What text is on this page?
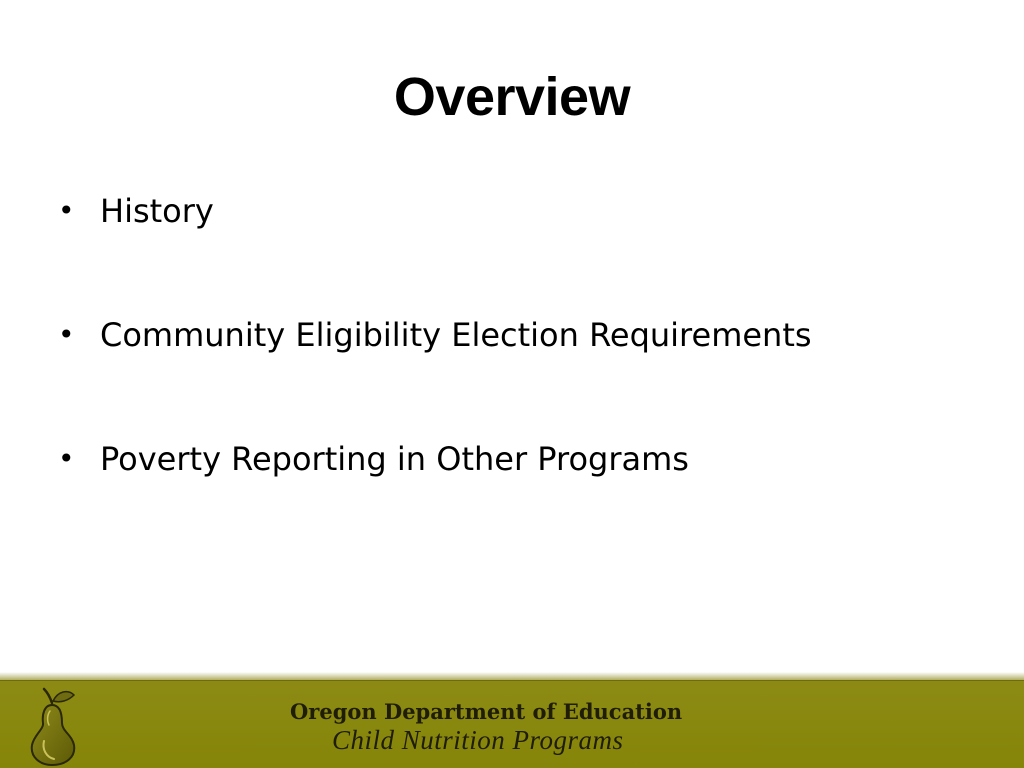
Overview
• History
• Community Eligibility Election Requirements
• Poverty Reporting in Other Programs
Oregon Department of Education
Child Nutrition Programs
